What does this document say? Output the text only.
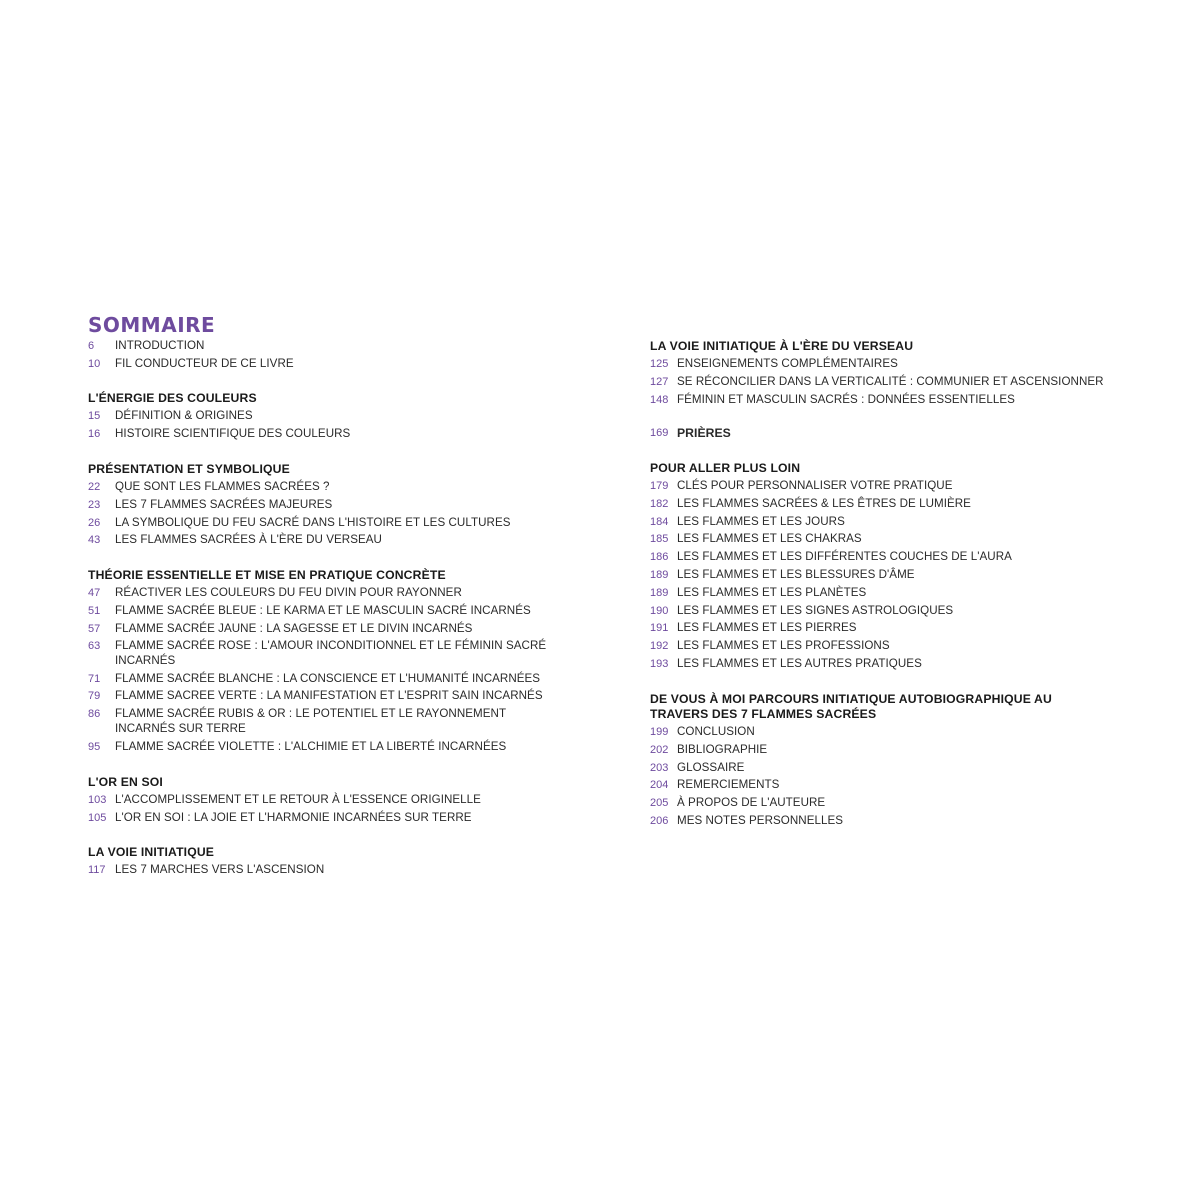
SOMMAIRE
6	INTRODUCTION
10	FIL CONDUCTEUR DE CE LIVRE
L'ÉNERGIE DES COULEURS
15	DÉFINITION & ORIGINES
16	HISTOIRE SCIENTIFIQUE DES COULEURS
PRÉSENTATION ET SYMBOLIQUE
22	QUE SONT LES FLAMMES SACRÉES ?
23	LES 7 FLAMMES SACRÉES MAJEURES
26	LA SYMBOLIQUE DU FEU SACRÉ DANS L'HISTOIRE ET LES CULTURES
43	LES FLAMMES SACRÉES À L'ÈRE DU VERSEAU
THÉORIE ESSENTIELLE ET MISE EN PRATIQUE CONCRÈTE
47	RÉACTIVER LES COULEURS DU FEU DIVIN POUR RAYONNER
51	FLAMME SACRÉE BLEUE : LE KARMA ET LE MASCULIN SACRÉ INCARNÉS
57	FLAMME SACRÉE JAUNE : LA SAGESSE ET LE DIVIN INCARNÉS
63	FLAMME SACRÉE ROSE : L'AMOUR INCONDITIONNEL ET LE FÉMININ SACRÉ INCARNÉS
71	FLAMME SACRÉE BLANCHE : LA CONSCIENCE ET L'HUMANITÉ INCARNÉES
79	FLAMME SACREE VERTE : LA MANIFESTATION ET L'ESPRIT SAIN INCARNÉS
86	FLAMME SACRÉE RUBIS & OR : LE POTENTIEL ET LE RAYONNEMENT INCARNÉS SUR TERRE
95	FLAMME SACRÉE VIOLETTE : L'ALCHIMIE ET LA LIBERTÉ INCARNÉES
L'OR EN SOI
103 L'ACCOMPLISSEMENT ET LE RETOUR À L'ESSENCE ORIGINELLE
105 L'OR EN SOI : LA JOIE ET L'HARMONIE INCARNÉES SUR TERRE
LA VOIE INITIATIQUE
117 LES 7 MARCHES VERS L'ASCENSION
LA VOIE INITIATIQUE À L'ÈRE DU VERSEAU
125 ENSEIGNEMENTS COMPLÉMENTAIRES
127 SE RÉCONCILIER DANS LA VERTICALITÉ : COMMUNIER ET ASCENSIONNER
148 FÉMININ ET MASCULIN SACRÉS : DONNÉES ESSENTIELLES
169 PRIÈRES
POUR ALLER PLUS LOIN
179 CLÉS POUR PERSONNALISER VOTRE PRATIQUE
182 LES FLAMMES SACRÉES & LES ÊTRES DE LUMIÈRE
184 LES FLAMMES ET LES JOURS
185 LES FLAMMES ET LES CHAKRAS
186 LES FLAMMES ET LES DIFFÉRENTES COUCHES DE L'AURA
189 LES FLAMMES ET LES BLESSURES D'ÂME
189 LES FLAMMES ET LES PLANÈTES
190 LES FLAMMES ET LES SIGNES ASTROLOGIQUES
191 LES FLAMMES ET LES PIERRES
192 LES FLAMMES ET LES PROFESSIONS
193 LES FLAMMES ET LES AUTRES PRATIQUES
DE VOUS À MOI PARCOURS INITIATIQUE AUTOBIOGRAPHIQUE AU TRAVERS DES 7 FLAMMES SACRÉES
199 CONCLUSION
202 BIBLIOGRAPHIE
203 GLOSSAIRE
204 REMERCIEMENTS
205 À PROPOS DE L'AUTEURE
206 MES NOTES PERSONNELLES
